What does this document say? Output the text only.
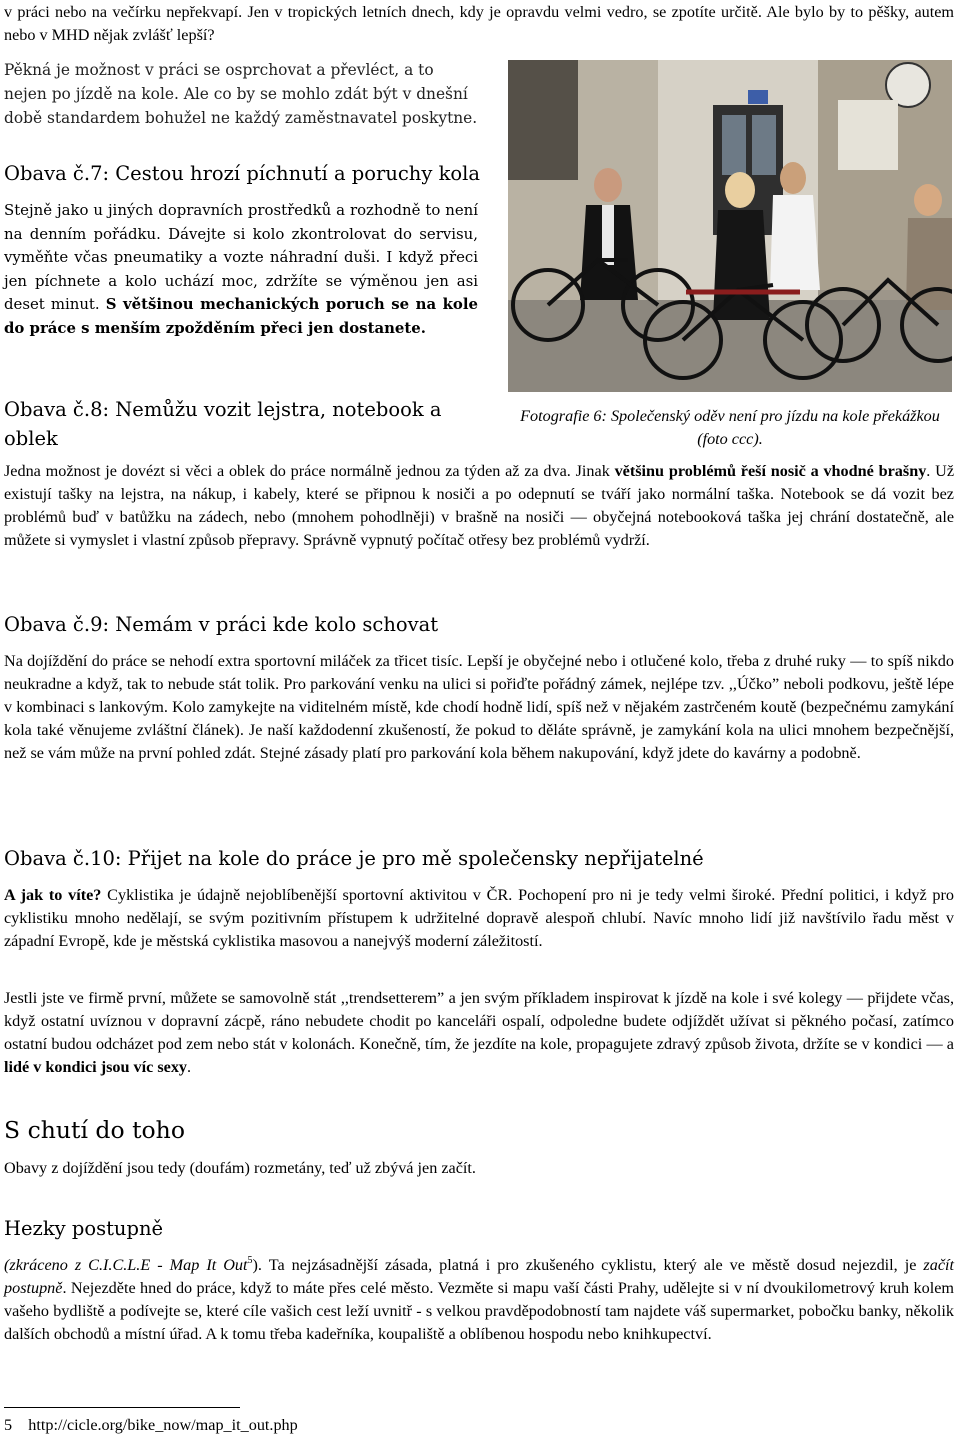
v práci nebo na večírku nepřekvapí. Jen v tropických letních dnech, kdy je opravdu velmi vedro, se zpotíte určitě. Ale bylo by to pěšky, autem nebo v MHD nějak zvlášť lepší?

Pěkná je možnost v práci se osprchovat a převléct, a to nejen po jízdě na kole. Ale co by se mohlo zdát být v dnešní době standardem bohužel ne každý zaměstnavatel poskytne.

Obava č.7: Cestou hrozí píchnutí a poruchy kola

Stejně jako u jiných dopravních prostředků a rozhodně to není na denním pořádku. Dávejte si kolo zkontrolovat do servisu, vyměňte včas pneumatiky a vozte náhradní duši. I když přeci jen píchnete a kolo uchází moc, zdržíte se výměnou jen asi deset minut. S většinou mechanických poruch se na kole do práce s menším zpožděním přeci jen dostanete.

Obava č.8: Nemůžu vozit lejstra, notebook a oblek

Fotografie 6: Společenský oděv není pro jízdu na kole překážkou (foto ccc).

Jedna možnost je dovézt si věci a oblek do práce normálně jednou za týden až za dva. Jinak většinu problémů řeší nosič a vhodné brašny. Už existují tašky na lejstra, na nákup, i kabely, které se připnou k nosiči a po odepnutí se tváří jako normální taška. Notebook se dá vozit bez problémů buď v batůžku na zádech, nebo (mnohem pohodlněji) v brašně na nosiči — obyčejná notebooková taška jej chrání dostatečně, ale můžete si vymyslet i vlastní způsob přepravy. Správně vypnutý počítač otřesy bez problémů vydrží.

Obava č.9: Nemám v práci kde kolo schovat

Na dojíždění do práce se nehodí extra sportovní miláček za třicet tisíc. Lepší je obyčejné nebo i otlučené kolo, třeba z druhé ruky — to spíš nikdo neukradne a když, tak to nebude stát tolik. Pro parkování venku na ulici si pořiďte pořádný zámek, nejlépe tzv. ,,Účko” neboli podkovu, ještě lépe v kombinaci s lankovým. Kolo zamykejte na viditelném místě, kde chodí hodně lidí, spíš než v nějakém zastrčeném koutě (bezpečnému zamykání kola také věnujeme zvláštní článek). Je naší každodenní zkušeností, že pokud to děláte správně, je zamykání kola na ulici mnohem bezpečnější, než se vám může na první pohled zdát. Stejné zásady platí pro parkování kola během nakupování, když jdete do kavárny a podobně.

Obava č.10: Přijet na kole do práce je pro mě společensky nepřijatelné

A jak to víte? Cyklistika je údajně nejoblíbenější sportovní aktivitou v ČR. Pochopení pro ni je tedy velmi široké. Přední politici, i když pro cyklistiku mnoho nedělají, se svým pozitivním přístupem k udržitelné dopravě alespoň chlubí. Navíc mnoho lidí již navštívilo řadu měst v západní Evropě, kde je městská cyklistika masovou a nanejvýš moderní záležitostí.

Jestli jste ve firmě první, můžete se samovolně stát ,,trendsetterem” a jen svým příkladem inspirovat k jízdě na kole i své kolegy — přijdete včas, když ostatní uvíznou v dopravní zácpě, ráno nebudete chodit po kanceláři ospalí, odpoledne budete odjíždět užívat si pěkného počasí, zatímco ostatní budou odcházet pod zem nebo stát v kolonách. Konečně, tím, že jezdíte na kole, propagujete zdravý způsob života, držíte se v kondici — a lidé v kondici jsou víc sexy.

S chutí do toho

Obavy z dojíždění jsou tedy (doufám) rozmetány, teď už zbývá jen začít.

Hezky postupně

(zkráceno z C.I.C.L.E - Map It Out$^5$). Ta nejzásadnější zásada, platná i pro zkušeného cyklistu, který ale ve městě dosud nejezdil, je začít postupně. Nejezděte hned do práce, když to máte přes celé město. Vezměte si mapu vaší části Prahy, udělejte si v ní dvoukilometrový kruh kolem vašeho bydliště a podívejte se, které cíle vašich cest leží uvnitř - s velkou pravděpodobností tam najdete váš supermarket, pobočku banky, několik dalších obchodů a místní úřad. A k tomu třeba kadeřníka, koupaliště a oblíbenou hospodu nebo knihkupectví.

5 http://cicle.org/bike_now/map_it_out.php
